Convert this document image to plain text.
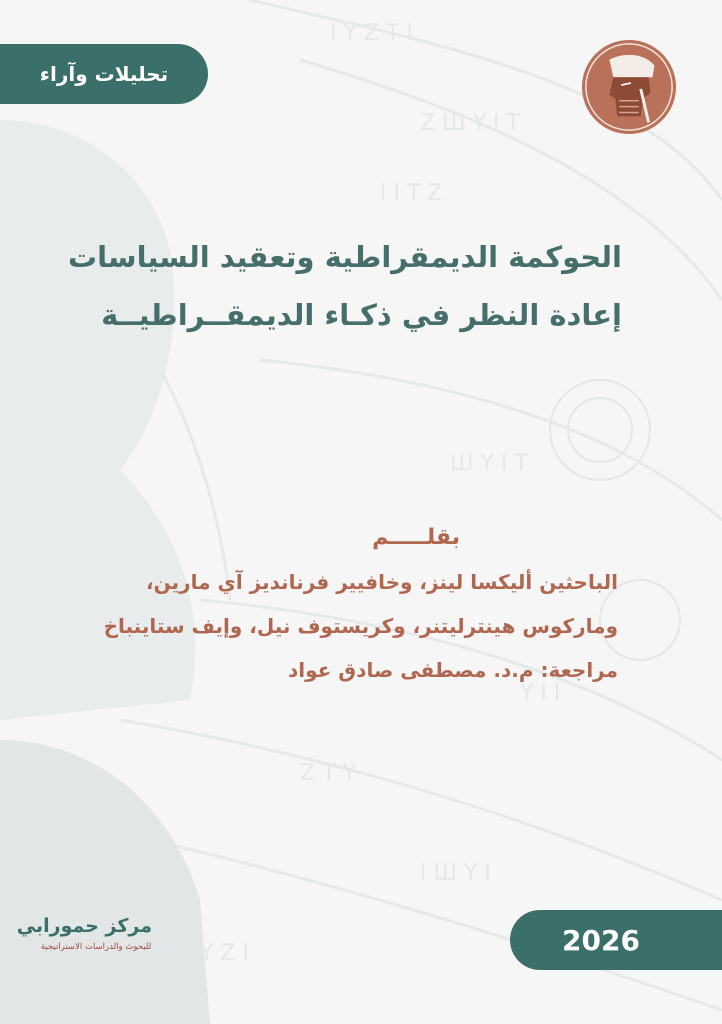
I Y Z T I
Z Ш Y I T
I I T Z
Ш Y I T
Y I I
Z T Y
I Ш Y I
Y Z I
تحليلات وآراء
الحوكمة الديمقراطية وتعقيد السياسات
إعادة النظر في ذكـاء الديمقــراطيــة
بقلـــــم
الباحثين أليكسا لينز، وخافيير فرنانديز آي مارين،
وماركوس هينترليتنر، وكريستوف نيل، وإيف ستاينباخ
مراجعة: م.د. مصطفى صادق عواد
مركز حمورابي
للبحوث والدراسات الاستراتيجية	2026
